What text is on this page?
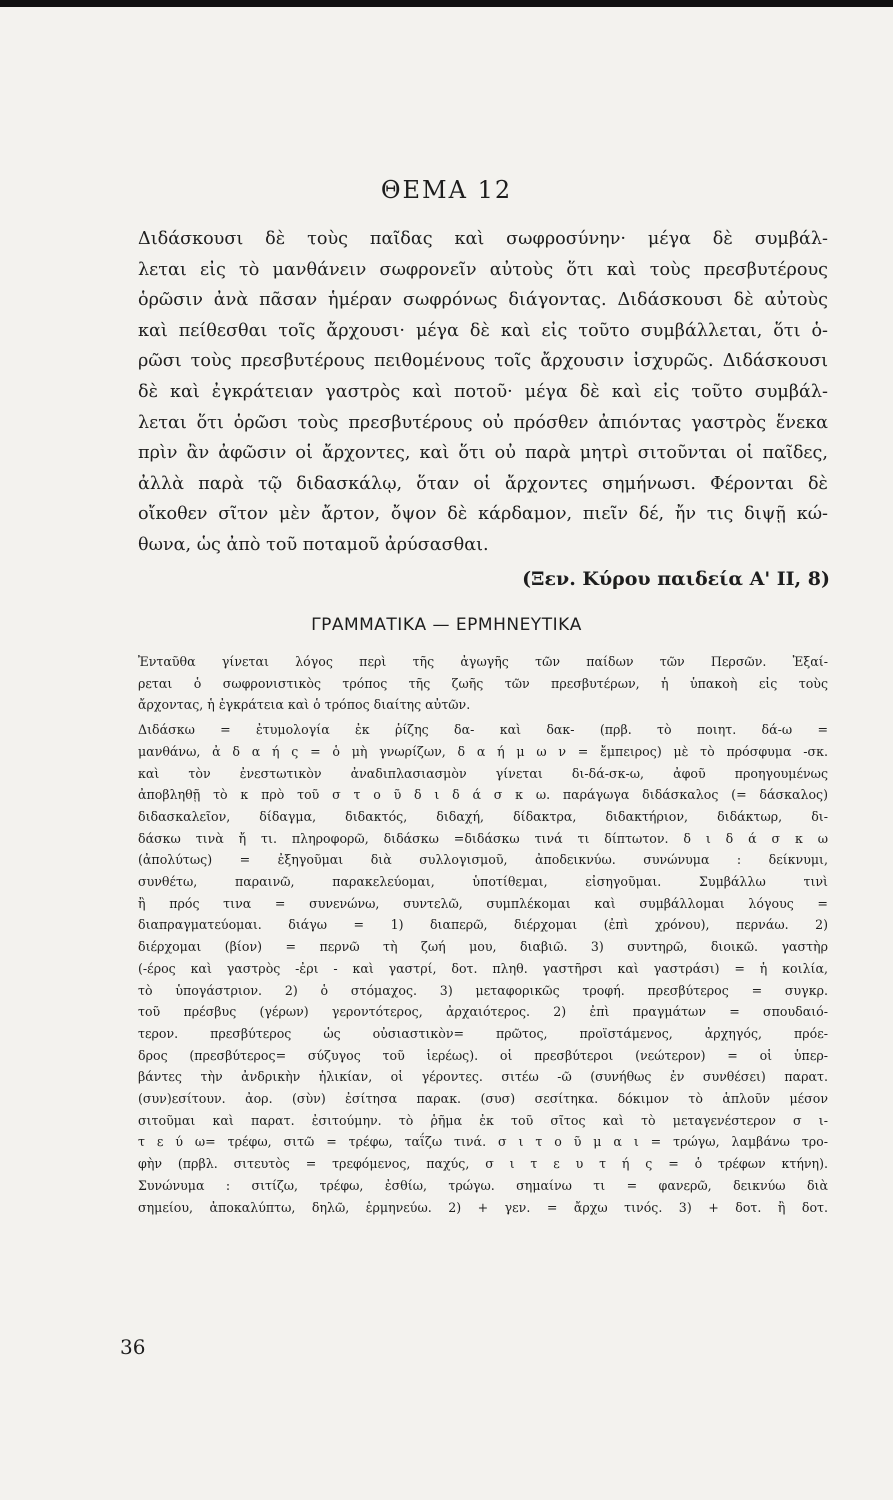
ΘΕΜΑ 12
Διδάσκουσι δὲ τοὺς παῖδας καὶ σωφροσύνην· μέγα δὲ συμβάλ-
λεται εἰς τὸ μανθάνειν σωφρονεῖν αὐτοὺς ὅτι καὶ τοὺς πρεσβυτέρους
ὁρῶσιν ἀνὰ πᾶσαν ἡμέραν σωφρόνως διάγοντας. Διδάσκουσι δὲ αὐτοὺς
καὶ πείθεσθαι τοῖς ἄρχουσι· μέγα δὲ καὶ εἰς τοῦτο συμβάλλεται, ὅτι ὁ-
ρῶσι τοὺς πρεσβυτέρους πειθομένους τοῖς ἄρχουσιν ἰσχυρῶς. Διδάσκουσι
δὲ καὶ ἐγκράτειαν γαστρὸς καὶ ποτοῦ· μέγα δὲ καὶ εἰς τοῦτο συμβάλ-
λεται ὅτι ὁρῶσι τοὺς πρεσβυτέρους οὐ πρόσθεν ἀπιόντας γαστρὸς ἕνεκα
πρὶν ἂν ἀφῶσιν οἱ ἄρχοντες, καὶ ὅτι οὐ παρὰ μητρὶ σιτοῦνται οἱ παῖδες,
ἀλλὰ παρὰ τῷ διδασκάλῳ, ὅταν οἱ ἄρχοντες σημήνωσι. Φέρονται δὲ
οἴκοθεν σῖτον μὲν ἄρτον, ὄψον δὲ κάρδαμον, πιεῖν δέ, ἤν τις διψῇ κώ-
θωνα, ὡς ἀπὸ τοῦ ποταμοῦ ἀρύσασθαι.

(Ξεν. Κύρου παιδεία Α' ΙΙ, 8)

ΓΡΑΜΜΑΤΙΚΑ — ΕΡΜΗΝΕΥΤΙΚΑ
Ἐνταῦθα γίνεται λόγος περὶ τῆς ἀγωγῆς τῶν παίδων τῶν Περσῶν. Ἐξαί-
ρεται ὁ σωφρονιστικὸς τρόπος τῆς ζωῆς τῶν πρεσβυτέρων, ἡ ὑπακοὴ εἰς τοὺς
ἄρχοντας, ἡ ἐγκράτεια καὶ ὁ τρόπος διαίτης αὐτῶν.
Διδάσκω = ἐτυμολογία ἐκ ῥίζης δα- καὶ δακ- (πρβ. τὸ ποιητ. δά-ω =
μανθάνω, ἀ δ α ή ς = ὁ μὴ γνωρίζων, δ α ή μ ω ν = ἔμπειρος) μὲ τὸ πρόσφυμα -σκ.
καὶ τὸν ἐνεστωτικὸν ἀναδιπλασιασμὸν γίνεται δι-δά-σκ-ω, ἀφοῦ προηγουμένως
ἀποβληθῇ τὸ κ πρὸ τοῦ σ τ ο ῦ δ ι δ ά σ κ ω. παράγωγα διδάσκαλος (= δάσκαλος)
διδασκαλεῖον, δίδαγμα, διδακτός, διδαχή, δίδακτρα, διδακτήριον, διδάκτωρ, δι-
δάσκω τινὰ ἤ τι. πληροφορῶ, διδάσκω =διδάσκω τινά τι δίπτωτον. δ ι δ ά σ κ ω
(ἀπολύτως) = ἐξηγοῦμαι διὰ συλλογισμοῦ, ἀποδεικνύω. συνώνυμα : δείκνυμι,
συνθέτω, παραινῶ, παρακελεύομαι, ὑποτίθεμαι, εἰσηγοῦμαι. Συμβάλλω τινὶ
ἢ πρός τινα = συνενώνω, συντελῶ, συμπλέκομαι καὶ συμβάλλομαι λόγους =
διαπραγματεύομαι. διάγω = 1) διαπερῶ, διέρχομαι (ἐπὶ χρόνου), περνάω. 2)
διέρχομαι (βίον) = περνῶ τὴ ζωή μου, διαβιῶ. 3) συντηρῶ, διοικῶ. γαστὴρ
(-έρος καὶ γαστρὸς -ἐρι - καὶ γαστρί, δοτ. πληθ. γαστῆρσι καὶ γαστράσι) = ἡ κοιλία,
τὸ ὑπογάστριον. 2) ὁ στόμαχος. 3) μεταφορικῶς τροφή. πρεσβύτερος = συγκρ.
τοῦ πρέσβυς (γέρων) γεροντότερος, ἀρχαιότερος. 2) ἐπὶ πραγμάτων = σπουδαιό-
τερον. πρεσβύτερος ὡς οὐσιαστικὸν= πρῶτος, προϊστάμενος, ἀρχηγός, πρόε-
δρος (πρεσβύτερος= σύζυγος τοῦ ἱερέως). οἱ πρεσβύτεροι (νεώτερον) = οἱ ὑπερ-
βάντες τὴν ἀνδρικὴν ἡλικίαν, οἱ γέροντες. σιτέω -ῶ (συνήθως ἐν συνθέσει) παρατ.
(συν)εσίτουν. ἀορ. (σὺν) ἐσίτησα παρακ. (συσ) σεσίτηκα. δόκιμον τὸ ἁπλοῦν μέσον
σιτοῦμαι καὶ παρατ. ἐσιτούμην. τὸ ῥῆμα ἐκ τοῦ σῖτος καὶ τὸ μεταγενέστερον σ ι-
τ ε ύ ω= τρέφω, σιτῶ = τρέφω, ταΐζω τινά. σ ι τ ο ῦ μ α ι = τρώγω, λαμβάνω τρο-
φὴν (πρβλ. σιτευτὸς = τρεφόμενος, παχύς, σ ι τ ε υ τ ή ς = ὁ τρέφων κτήνη).
Συνώνυμα : σιτίζω, τρέφω, ἐσθίω, τρώγω. σημαίνω τι = φανερῶ, δεικνύω διὰ
σημείου, ἀποκαλύπτω, δηλῶ, ἑρμηνεύω. 2) + γεν. = ἄρχω τινός. 3) + δοτ. ἢ δοτ.

36
